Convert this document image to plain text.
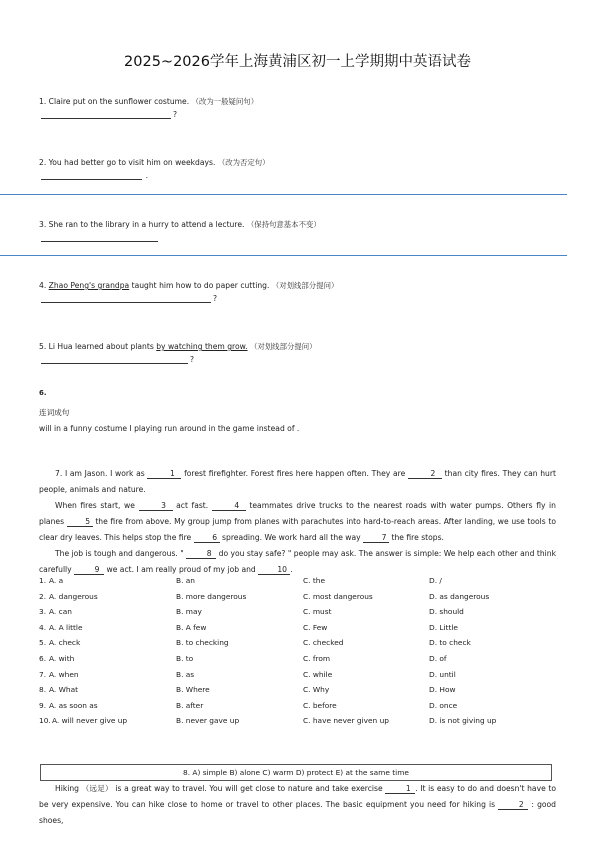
2025~2026学年上海黄浦区初一上学期期中英语试卷
1. Claire put on the sunflower costume. （改为一般疑问句）
?
2. You had better go to visit him on weekdays. （改为否定句）
.
3. She ran to the library in a hurry to attend a lecture. （保持句意基本不变）
4. Zhao Peng's grandpa taught him how to do paper cutting. （对划线部分提问）
?
5. Li Hua learned about plants by watching them grow. （对划线部分提问）
?
6.
连词成句
will in a funny costume I playing run around in the game instead of .
7. I am Jason. I work as	1 forest firefighter. Forest fires here happen often. They are	2 than city fires. They can hurt people, animals and nature.
When fires start, we	3 act fast.	4 teammates drive trucks to the nearest roads with water pumps. Others fly in planes	5 the fire from above. My group jump from planes with parachutes into hard-to-reach areas. After landing, we use tools to clear dry leaves. This helps stop the fire	6 spreading. We work hard all the way	7 the fire stops.
The job is tough and dangerous. "	8 do you stay safe? " people may ask. The answer is simple: We help each other and think carefully	9 we act. I am really proud of my job and	10 .
1. A. a	B. an	C. the	D. /
2. A. dangerous	B. more dangerous	C. most dangerous	D. as dangerous
3. A. can	B. may	C. must	D. should
4. A. A little	B. A few	C. Few	D. Little
5. A. check	B. to checking	C. checked	D. to check
6. A. with	B. to	C. from	D. of
7. A. when	B. as	C. while	D. until
8. A. What	B. Where	C. Why	D. How
9. A. as soon as	B. after	C. before	D. once
10. A. will never give up	B. never gave up	C. have never given up	D. is not giving up
8. A) simple B) alone C) warm D) protect E) at the same time
Hiking （远足） is a great way to travel. You will get close to nature and take exercise	1 . It is easy to do and doesn't have to be very expensive. You can hike close to home or travel to other places. The basic equipment you need for hiking is	2 : good shoes,
